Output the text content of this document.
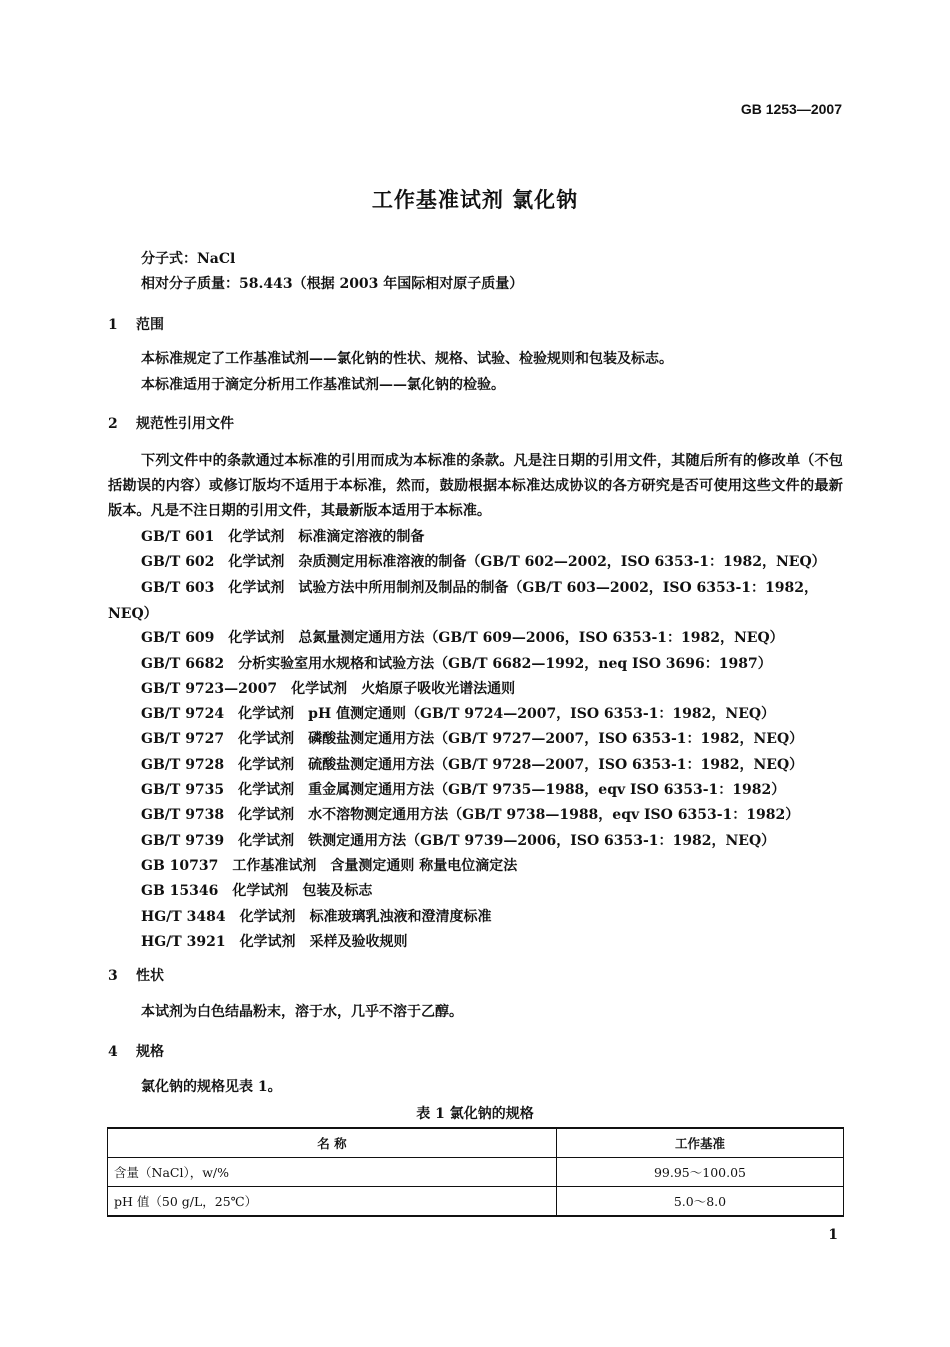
GB 1253—2007
工作基准试剂 氯化钠
分子式：NaCl
相对分子质量：58.443（根据 2003 年国际相对原子质量）
1 范围
本标准规定了工作基准试剂——氯化钠的性状、规格、试验、检验规则和包装及标志。
本标准适用于滴定分析用工作基准试剂——氯化钠的检验。
2 规范性引用文件
下列文件中的条款通过本标准的引用而成为本标准的条款。凡是注日期的引用文件，其随后所有的修改单（不包括勘误的内容）或修订版均不适用于本标准，然而，鼓励根据本标准达成协议的各方研究是否可使用这些文件的最新版本。凡是不注日期的引用文件，其最新版本适用于本标准。
GB/T 601 化学试剂 标准滴定溶液的制备
GB/T 602 化学试剂 杂质测定用标准溶液的制备（GB/T 602—2002，ISO 6353-1：1982，NEQ）
GB/T 603 化学试剂 试验方法中所用制剂及制品的制备（GB/T 603—2002，ISO 6353-1：1982，
NEQ）
GB/T 609 化学试剂 总氮量测定通用方法（GB/T 609—2006，ISO 6353-1：1982，NEQ）
GB/T 6682 分析实验室用水规格和试验方法（GB/T 6682—1992，neq ISO 3696：1987）
GB/T 9723—2007 化学试剂 火焰原子吸收光谱法通则
GB/T 9724 化学试剂 pH 值测定通则（GB/T 9724—2007，ISO 6353-1：1982，NEQ）
GB/T 9727 化学试剂 磷酸盐测定通用方法（GB/T 9727—2007，ISO 6353-1：1982，NEQ）
GB/T 9728 化学试剂 硫酸盐测定通用方法（GB/T 9728—2007，ISO 6353-1：1982，NEQ）
GB/T 9735 化学试剂 重金属测定通用方法（GB/T 9735—1988，eqv ISO 6353-1：1982）
GB/T 9738 化学试剂 水不溶物测定通用方法（GB/T 9738—1988，eqv ISO 6353-1：1982）
GB/T 9739 化学试剂 铁测定通用方法（GB/T 9739—2006，ISO 6353-1：1982，NEQ）
GB 10737 工作基准试剂 含量测定通则 称量电位滴定法
GB 15346 化学试剂 包装及标志
HG/T 3484 化学试剂 标准玻璃乳浊液和澄清度标准
HG/T 3921 化学试剂 采样及验收规则
3 性状
本试剂为白色结晶粉末，溶于水，几乎不溶于乙醇。
4 规格
氯化钠的规格见表 1。
表 1 氯化钠的规格
名 称	工作基准
含量（NaCl），w/%	99.95～100.05
pH 值（50 g/L，25℃）	5.0～8.0
1
